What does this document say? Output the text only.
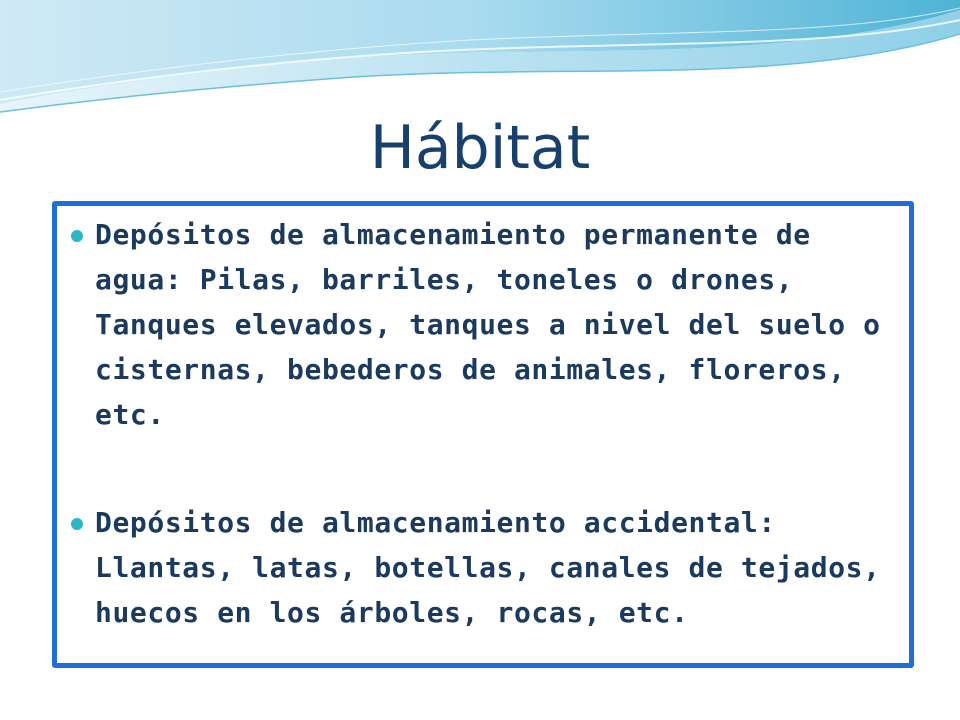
Hábitat
Depósitos de almacenamiento permanente de agua: Pilas, barriles, toneles o drones, Tanques elevados, tanques a nivel del suelo o cisternas, bebederos de animales, floreros, etc.
Depósitos de almacenamiento accidental: Llantas, latas, botellas, canales de tejados, huecos en los árboles, rocas, etc.
